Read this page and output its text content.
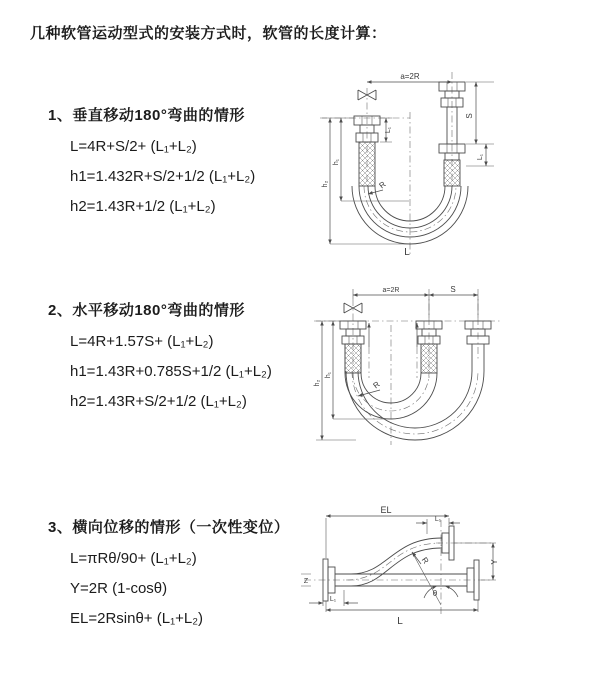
几种软管运动型式的安装方式时，软管的长度计算：
1、垂直移动180°弯曲的情形
L=4R+S/2+ (L₁+L₂)
h1=1.432R+S/2+1/2 (L₁+L₂)
h2=1.43R+1/2 (L₁+L₂)
a=2R
S
L₁
L₁
h₂
h₁
R
L
2、水平移动180°弯曲的情形
L=4R+1.57S+ (L₁+L₂)
h1=1.43R+0.785S+1/2 (L₁+L₂)
h2=1.43R+S/2+1/2 (L₁+L₂)
a=2R	S
h₂
h₁
R
3、横向位移的情形（一次性变位）
L=πRθ/90+ (L₁+L₂)
Y=2R (1-cosθ)
EL=2Rsinθ+ (L₁+L₂)
EL
L₁
Y
L
L₁
θ
R
Z
